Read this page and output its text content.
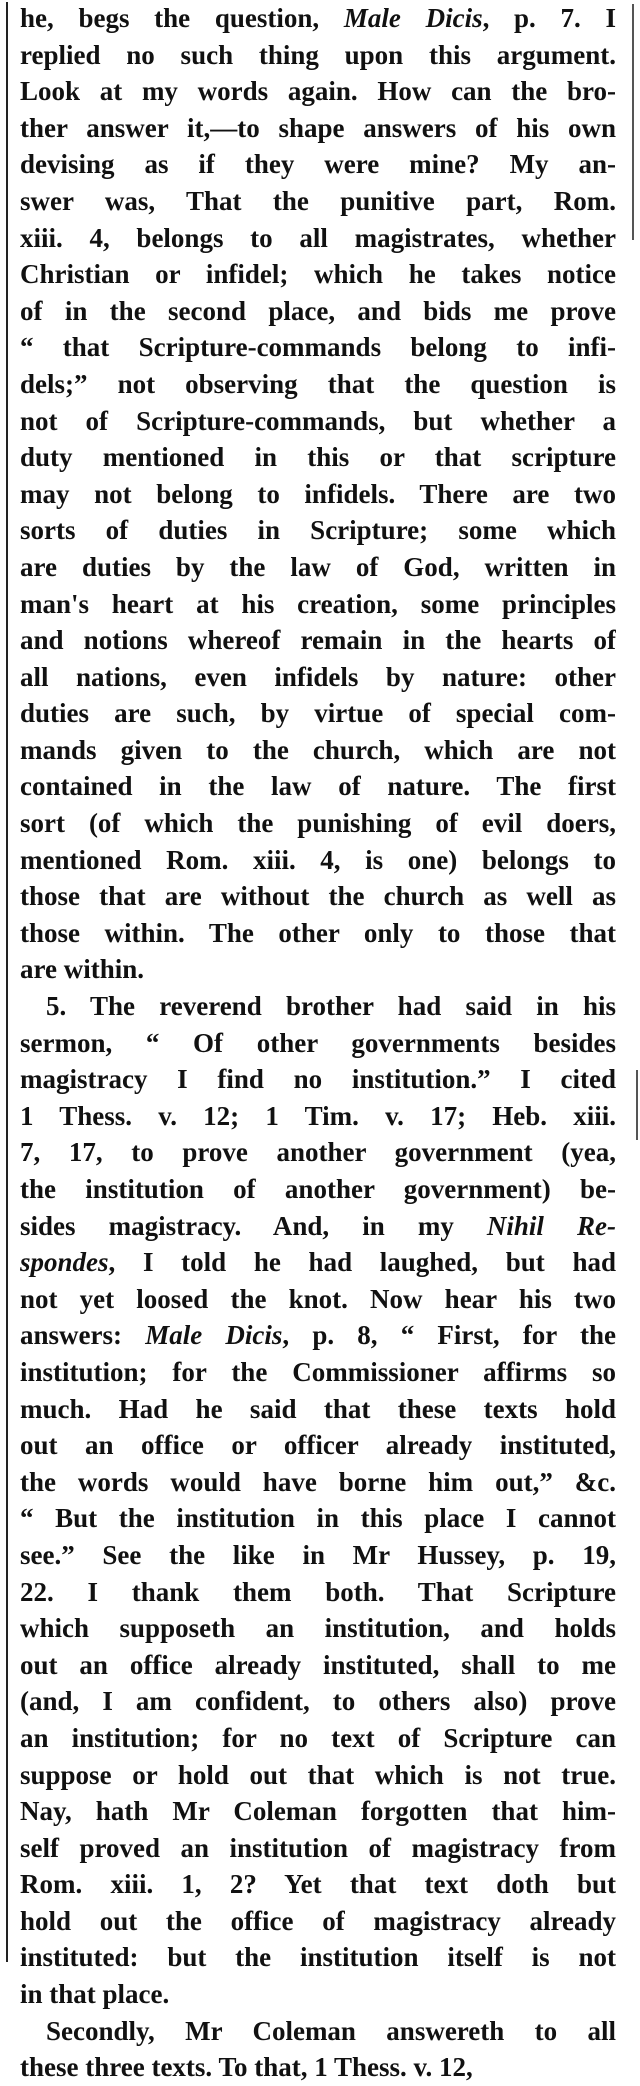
he, begs the question, Male Dicis, p. 7. I
replied no such thing upon this argument.
Look at my words again. How can the bro-
ther answer it,—to shape answers of his own
devising as if they were mine? My an-
swer was, That the punitive part, Rom.
xiii. 4, belongs to all magistrates, whether
Christian or infidel; which he takes notice
of in the second place, and bids me prove
“ that Scripture-commands belong to infi-
dels;” not observing that the question is
not of Scripture-commands, but whether a
duty mentioned in this or that scripture
may not belong to infidels. There are two
sorts of duties in Scripture; some which
are duties by the law of God, written in
man's heart at his creation, some principles
and notions whereof remain in the hearts of
all nations, even infidels by nature: other
duties are such, by virtue of special com-
mands given to the church, which are not
contained in the law of nature. The first
sort (of which the punishing of evil doers,
mentioned Rom. xiii. 4, is one) belongs to
those that are without the church as well as
those within. The other only to those that
are within.

5. The reverend brother had said in his
sermon, “ Of other governments besides
magistracy I find no institution.” I cited
1 Thess. v. 12; 1 Tim. v. 17; Heb. xiii.
7, 17, to prove another government (yea,
the institution of another government) be-
sides magistracy. And, in my Nihil Re-
spondes, I told he had laughed, but had
not yet loosed the knot. Now hear his two
answers: Male Dicis, p. 8, “ First, for the
institution; for the Commissioner affirms so
much. Had he said that these texts hold
out an office or officer already instituted,
the words would have borne him out,” &c.
“ But the institution in this place I cannot
see.” See the like in Mr Hussey, p. 19,
22. I thank them both. That Scripture
which supposeth an institution, and holds
out an office already instituted, shall to me
(and, I am confident, to others also) prove
an institution; for no text of Scripture can
suppose or hold out that which is not true.
Nay, hath Mr Coleman forgotten that him-
self proved an institution of magistracy from
Rom. xiii. 1, 2? Yet that text doth but
hold out the office of magistracy already
instituted: but the institution itself is not
in that place.

Secondly, Mr Coleman answereth to all
these three texts. To that, 1 Thess. v. 12,
